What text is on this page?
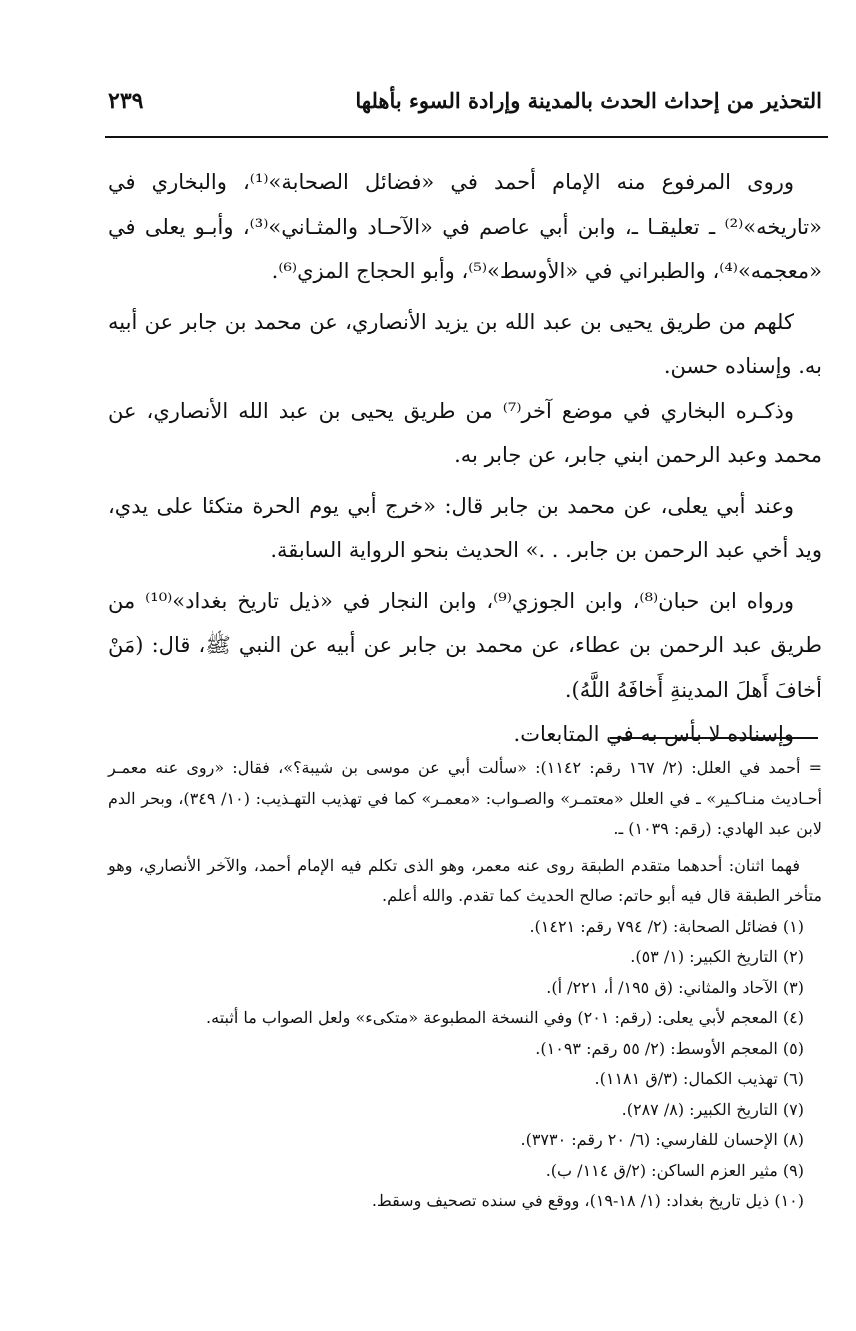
التحذير من إحداث الحدث بالمدينة وإرادة السوء بأهلها
٢٣٩

وروى المرفوع منه الإمام أحمد في «فضائل الصحابة»⁽¹⁾، والبخاري في «تاريخه»⁽²⁾ ـ تعليقـا ـ، وابن أبي عاصم في «الآحـاد والمثـاني»⁽³⁾، وأبـو يعلى في «معجمه»⁽⁴⁾، والطبراني في «الأوسط»⁽⁵⁾، وأبو الحجاج المزي⁽⁶⁾.

كلهم من طريق يحيى بن عبد الله بن يزيد الأنصاري، عن محمد بن جابر عن أبيه به. وإسناده حسن.

وذكـره البخاري في موضع آخر⁽⁷⁾ من طريق يحيى بن عبد الله الأنصاري، عن محمد وعبد الرحمن ابني جابر، عن جابر به.

وعند أبي يعلى، عن محمد بن جابر قال: «خرج أبي يوم الحرة متكئا على يدي، ويد أخي عبد الرحمن بن جابر. . .» الحديث بنحو الرواية السابقة.

ورواه ابن حبان⁽⁸⁾، وابن الجوزي⁽⁹⁾، وابن النجار في «ذيل تاريخ بغداد»⁽¹⁰⁾ من طريق عبد الرحمن بن عطاء، عن محمد بن جابر عن أبيه عن النبي ﷺ، قال: (مَنْ أخافَ أَهلَ المدينةِ أَخافَهُ اللَّهُ).

وإسناده لا بأس به في المتابعات.

= أحمد في العلل: (٢/ ١٦٧ رقم: ١١٤٢): «سألت أبي عن موسى بن شيبة؟»، فقال: «روى عنه معمـر أحـاديث منـاكـير» ـ في العلل «معتمـر» والصـواب: «معمـر» كما في تهذيب التهـذيب: (١٠/ ٣٤٩)، وبحر الدم لابن عبد الهادي: (رقم: ١٠٣٩) ـ.

فهما اثنان: أحدهما متقدم الطبقة روى عنه معمر، وهو الذى تكلم فيه الإمام أحمد، والآخر الأنصاري، وهو متأخر الطبقة قال فيه أبو حاتم: صالح الحديث كما تقدم. والله أعلم.

(١) فضائل الصحابة: (٢/ ٧٩٤ رقم: ١٤٢١).

(٢) التاريخ الكبير: (١/ ٥٣).

(٣) الآحاد والمثاني: (ق ١٩٥/ أ، ٢٢١/ أ).

(٤) المعجم لأبي يعلى: (رقم: ٢٠١) وفي النسخة المطبوعة «متكىء» ولعل الصواب ما أثبته.

(٥) المعجم الأوسط: (٢/ ٥٥ رقم: ١٠٩٣).

(٦) تهذيب الكمال: (٣/ق ١١٨١).

(٧) التاريخ الكبير: (٨/ ٢٨٧).

(٨) الإحسان للفارسي: (٦/ ٢٠ رقم: ٣٧٣٠).

(٩) مثير العزم الساكن: (٢/ق ١١٤/ ب).

(١٠) ذيل تاريخ بغداد: (١/ ١٨-١٩)، ووقع في سنده تصحيف وسقط.
